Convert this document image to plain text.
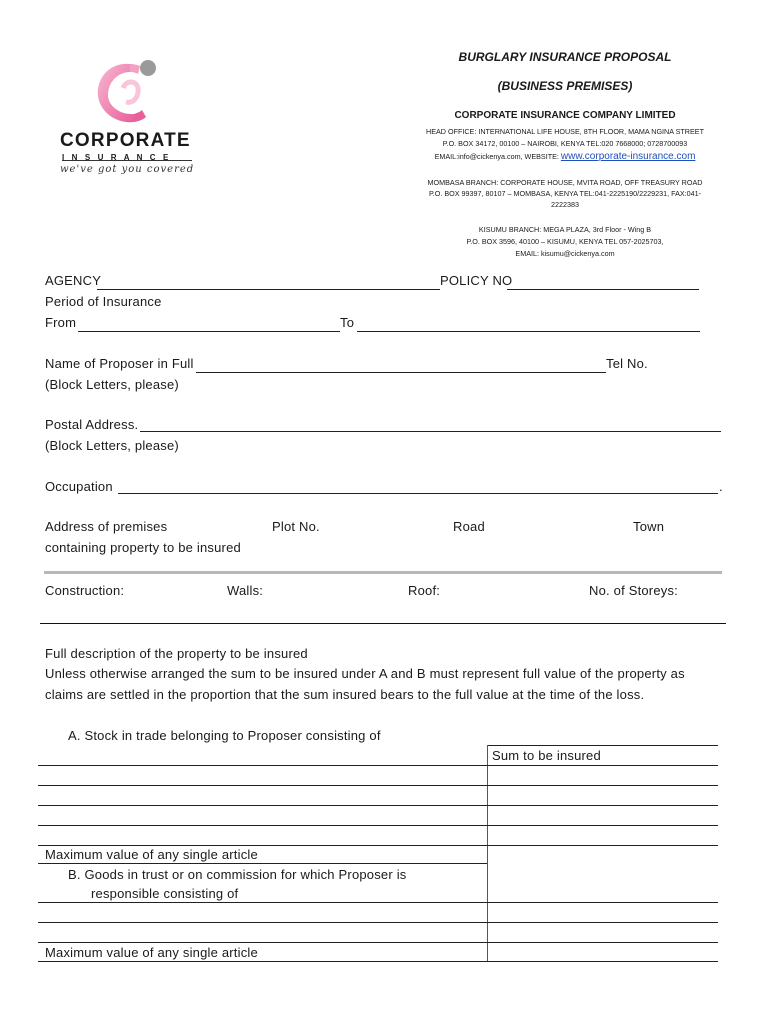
CORPORATE
I N S U R A N C E
we've got you covered
BURGLARY INSURANCE PROPOSAL
(BUSINESS PREMISES)
CORPORATE INSURANCE COMPANY LIMITED
HEAD OFFICE: INTERNATIONAL LIFE HOUSE, 8TH FLOOR, MAMA NGINA STREET
P.O. BOX 34172, 00100 – NAIROBI, KENYA TEL:020 7668000; 0728700093
EMAIL:info@cickenya.com, WEBSITE: www.corporate-insurance.com
MOMBASA BRANCH: CORPORATE HOUSE, MVITA ROAD, OFF TREASURY ROAD
P.O. BOX 99397, 80107 – MOMBASA, KENYA TEL:041-2225190/2229231, FAX:041-
2222383
KISUMU BRANCH: MEGA PLAZA, 3rd Floor - Wing B
P.O. BOX 3596, 40100 – KISUMU, KENYA TEL 057-2025703,
EMAIL: kisumu@cickenya.com
AGENCY	POLICY NO
Period of Insurance
From	To
Name of Proposer in Full	Tel No.
(Block Letters, please)
Postal Address.
(Block Letters, please)
Occupation	.
Address of premises
containing property to be insured
Plot No.	Road	Town
Construction:	Walls:	Roof:	No. of Storeys:
Full description of the property to be insured
Unless otherwise arranged the sum to be insured under A and B must represent full value of the property as
claims are settled in the proportion that the sum insured bears to the full value at the time of the loss.
A. Stock in trade belonging to Proposer consisting of
Sum to be insured
Maximum value of any single article
B. Goods in trust or on commission for which Proposer is
responsible consisting of
Maximum value of any single article
